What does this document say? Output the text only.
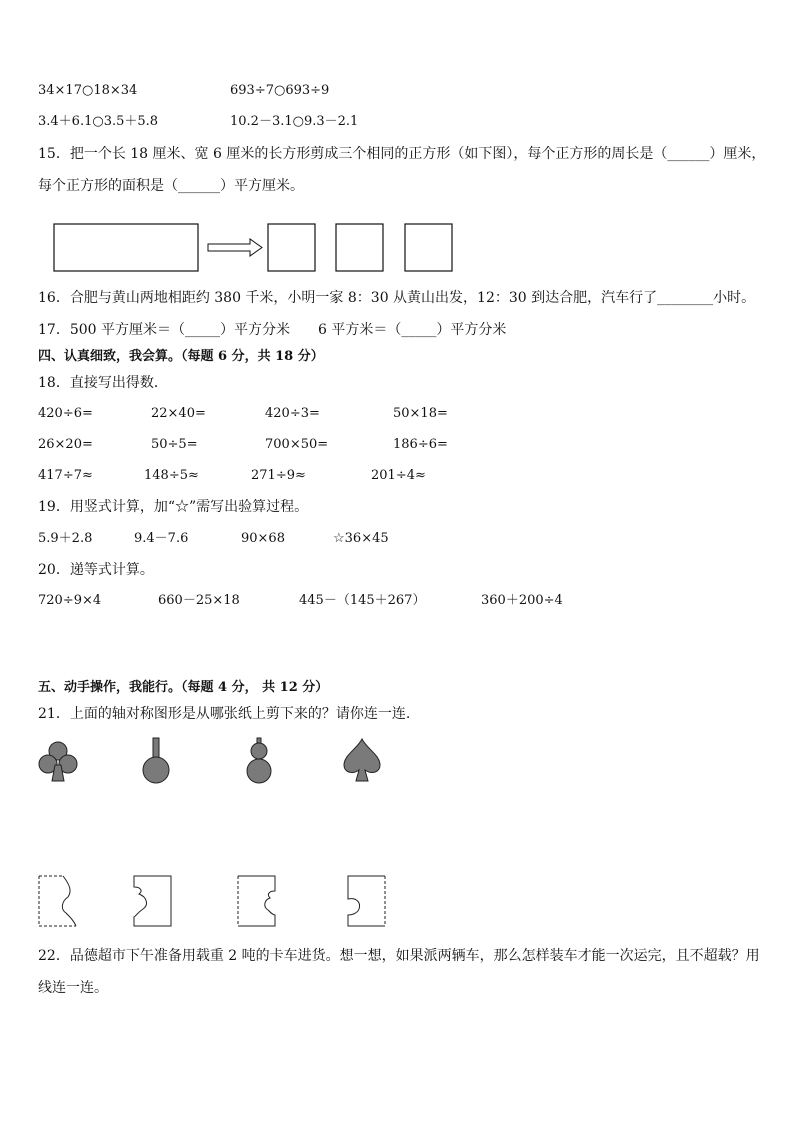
34×17○18×34	693÷7○693÷9
3.4＋6.1○3.5＋5.8	10.2－3.1○9.3－2.1
15．把一个长 18 厘米、宽 6 厘米的长方形剪成三个相同的正方形（如下图），每个正方形的周长是（______）厘米，
每个正方形的面积是（______）平方厘米。
16．合肥与黄山两地相距约 380 千米，小明一家 8：30 从黄山出发，12：30 到达合肥，汽车行了________小时。
17．500 平方厘米＝（_____）平方分米　　6 平方米＝（_____）平方分米
四、认真细致，我会算。（每题 6 分，共 18 分）
18．直接写出得数．
420÷6=	22×40=	420÷3=	50×18=
26×20=	50÷5=	700×50=	186÷6=
417÷7≈	148÷5≈	271÷9≈	201÷4≈
19．用竖式计算，加“☆”需写出验算过程。
5.9＋2.8	9.4－7.6	90×68	☆36×45
20．递等式计算。
720÷9×4	660－25×18	445－（145＋267）	360＋200÷4
五、动手操作，我能行。（每题 4 分， 共 12 分）
21．上面的轴对称图形是从哪张纸上剪下来的？请你连一连.
22．品德超市下午准备用载重 2 吨的卡车进货。想一想，如果派两辆车，那么怎样装车才能一次运完，且不超载？用
线连一连。
